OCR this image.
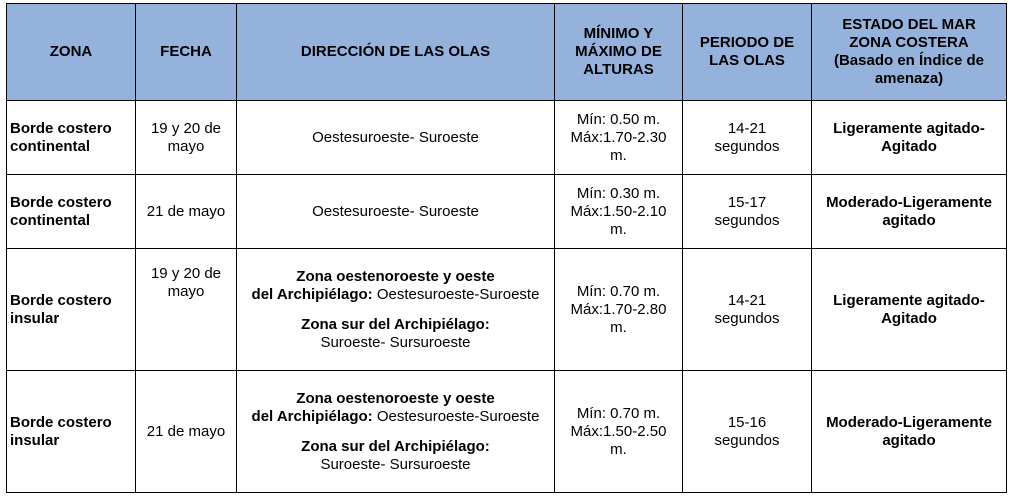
ZONA	FECHA	DIRECCIÓN DE LAS OLAS	MÍNIMO Y
MÁXIMO DE
ALTURAS	PERIODO DE
LAS OLAS	ESTADO DEL MAR
ZONA COSTERA
(Basado en Índice de
amenaza)

Borde costero
continental	19 y 20 de
mayo	Oestesuroeste- Suroeste	Mín: 0.50 m.
Máx:1.70-2.30
m.	14-21
segundos	Ligeramente agitado-
Agitado

Borde costero
continental	21 de mayo	Oestesuroeste- Suroeste	Mín: 0.30 m.
Máx:1.50-2.10
m.	15-17
segundos	Moderado-Ligeramente
agitado

Borde costero
insular	19 y 20 de
mayo	Zona oestenoroeste y oeste
del Archipiélago: Oestesuroeste-Suroeste
Zona sur del Archipiélago:
Suroeste- Sursuroeste	Mín: 0.70 m.
Máx:1.70-2.80
m.	14-21
segundos	Ligeramente agitado-
Agitado

Borde costero
insular	21 de mayo	Zona oestenoroeste y oeste
del Archipiélago: Oestesuroeste-Suroeste
Zona sur del Archipiélago:
Suroeste- Sursuroeste	Mín: 0.70 m.
Máx:1.50-2.50
m.	15-16
segundos	Moderado-Ligeramente
agitado
